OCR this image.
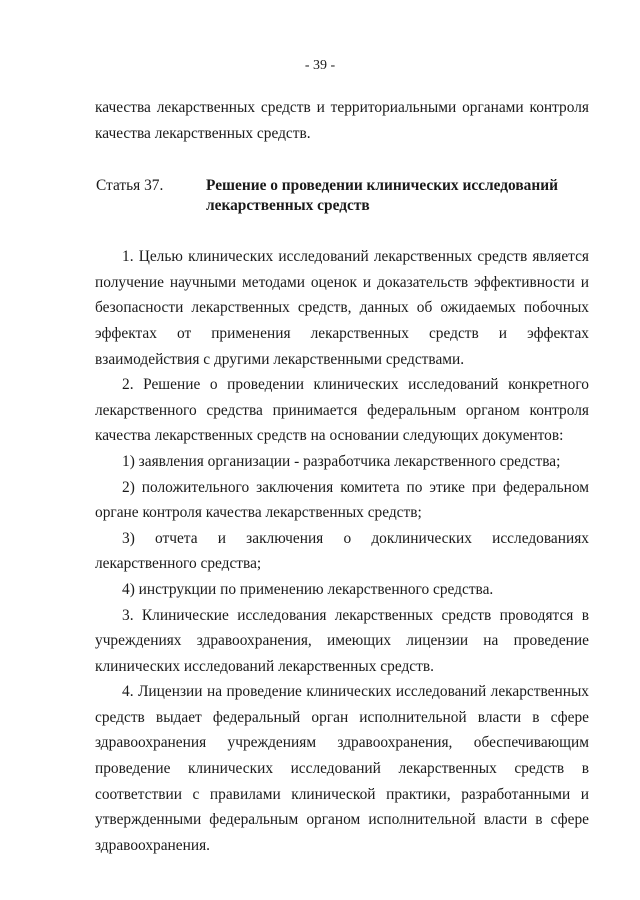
- 39 -

качества лекарственных средств и территориальными органами контроля качества лекарственных средств.

Статья 37.	Решение о проведении клинических исследований лекарственных средств

1. Целью клинических исследований лекарственных средств является получение научными методами оценок и доказательств эффективности и безопасности лекарственных средств, данных об ожидаемых побочных эффектах от применения лекарственных средств и эффектах взаимодействия с другими лекарственными средствами.

2. Решение о проведении клинических исследований конкретного лекарственного средства принимается федеральным органом контроля качества лекарственных средств на основании следующих документов:

1) заявления организации - разработчика лекарственного средства;

2) положительного заключения комитета по этике при федеральном органе контроля качества лекарственных средств;

3) отчета и заключения о доклинических исследованиях лекарственного средства;

4) инструкции по применению лекарственного средства.

3. Клинические исследования лекарственных средств проводятся в учреждениях здравоохранения, имеющих лицензии на проведение клинических исследований лекарственных средств.

4. Лицензии на проведение клинических исследований лекарственных средств выдает федеральный орган исполнительной власти в сфере здравоохранения учреждениям здравоохранения, обеспечивающим проведение клинических исследований лекарственных средств в соответствии с правилами клинической практики, разработанными и утвержденными федеральным органом исполнительной власти в сфере здравоохранения.
